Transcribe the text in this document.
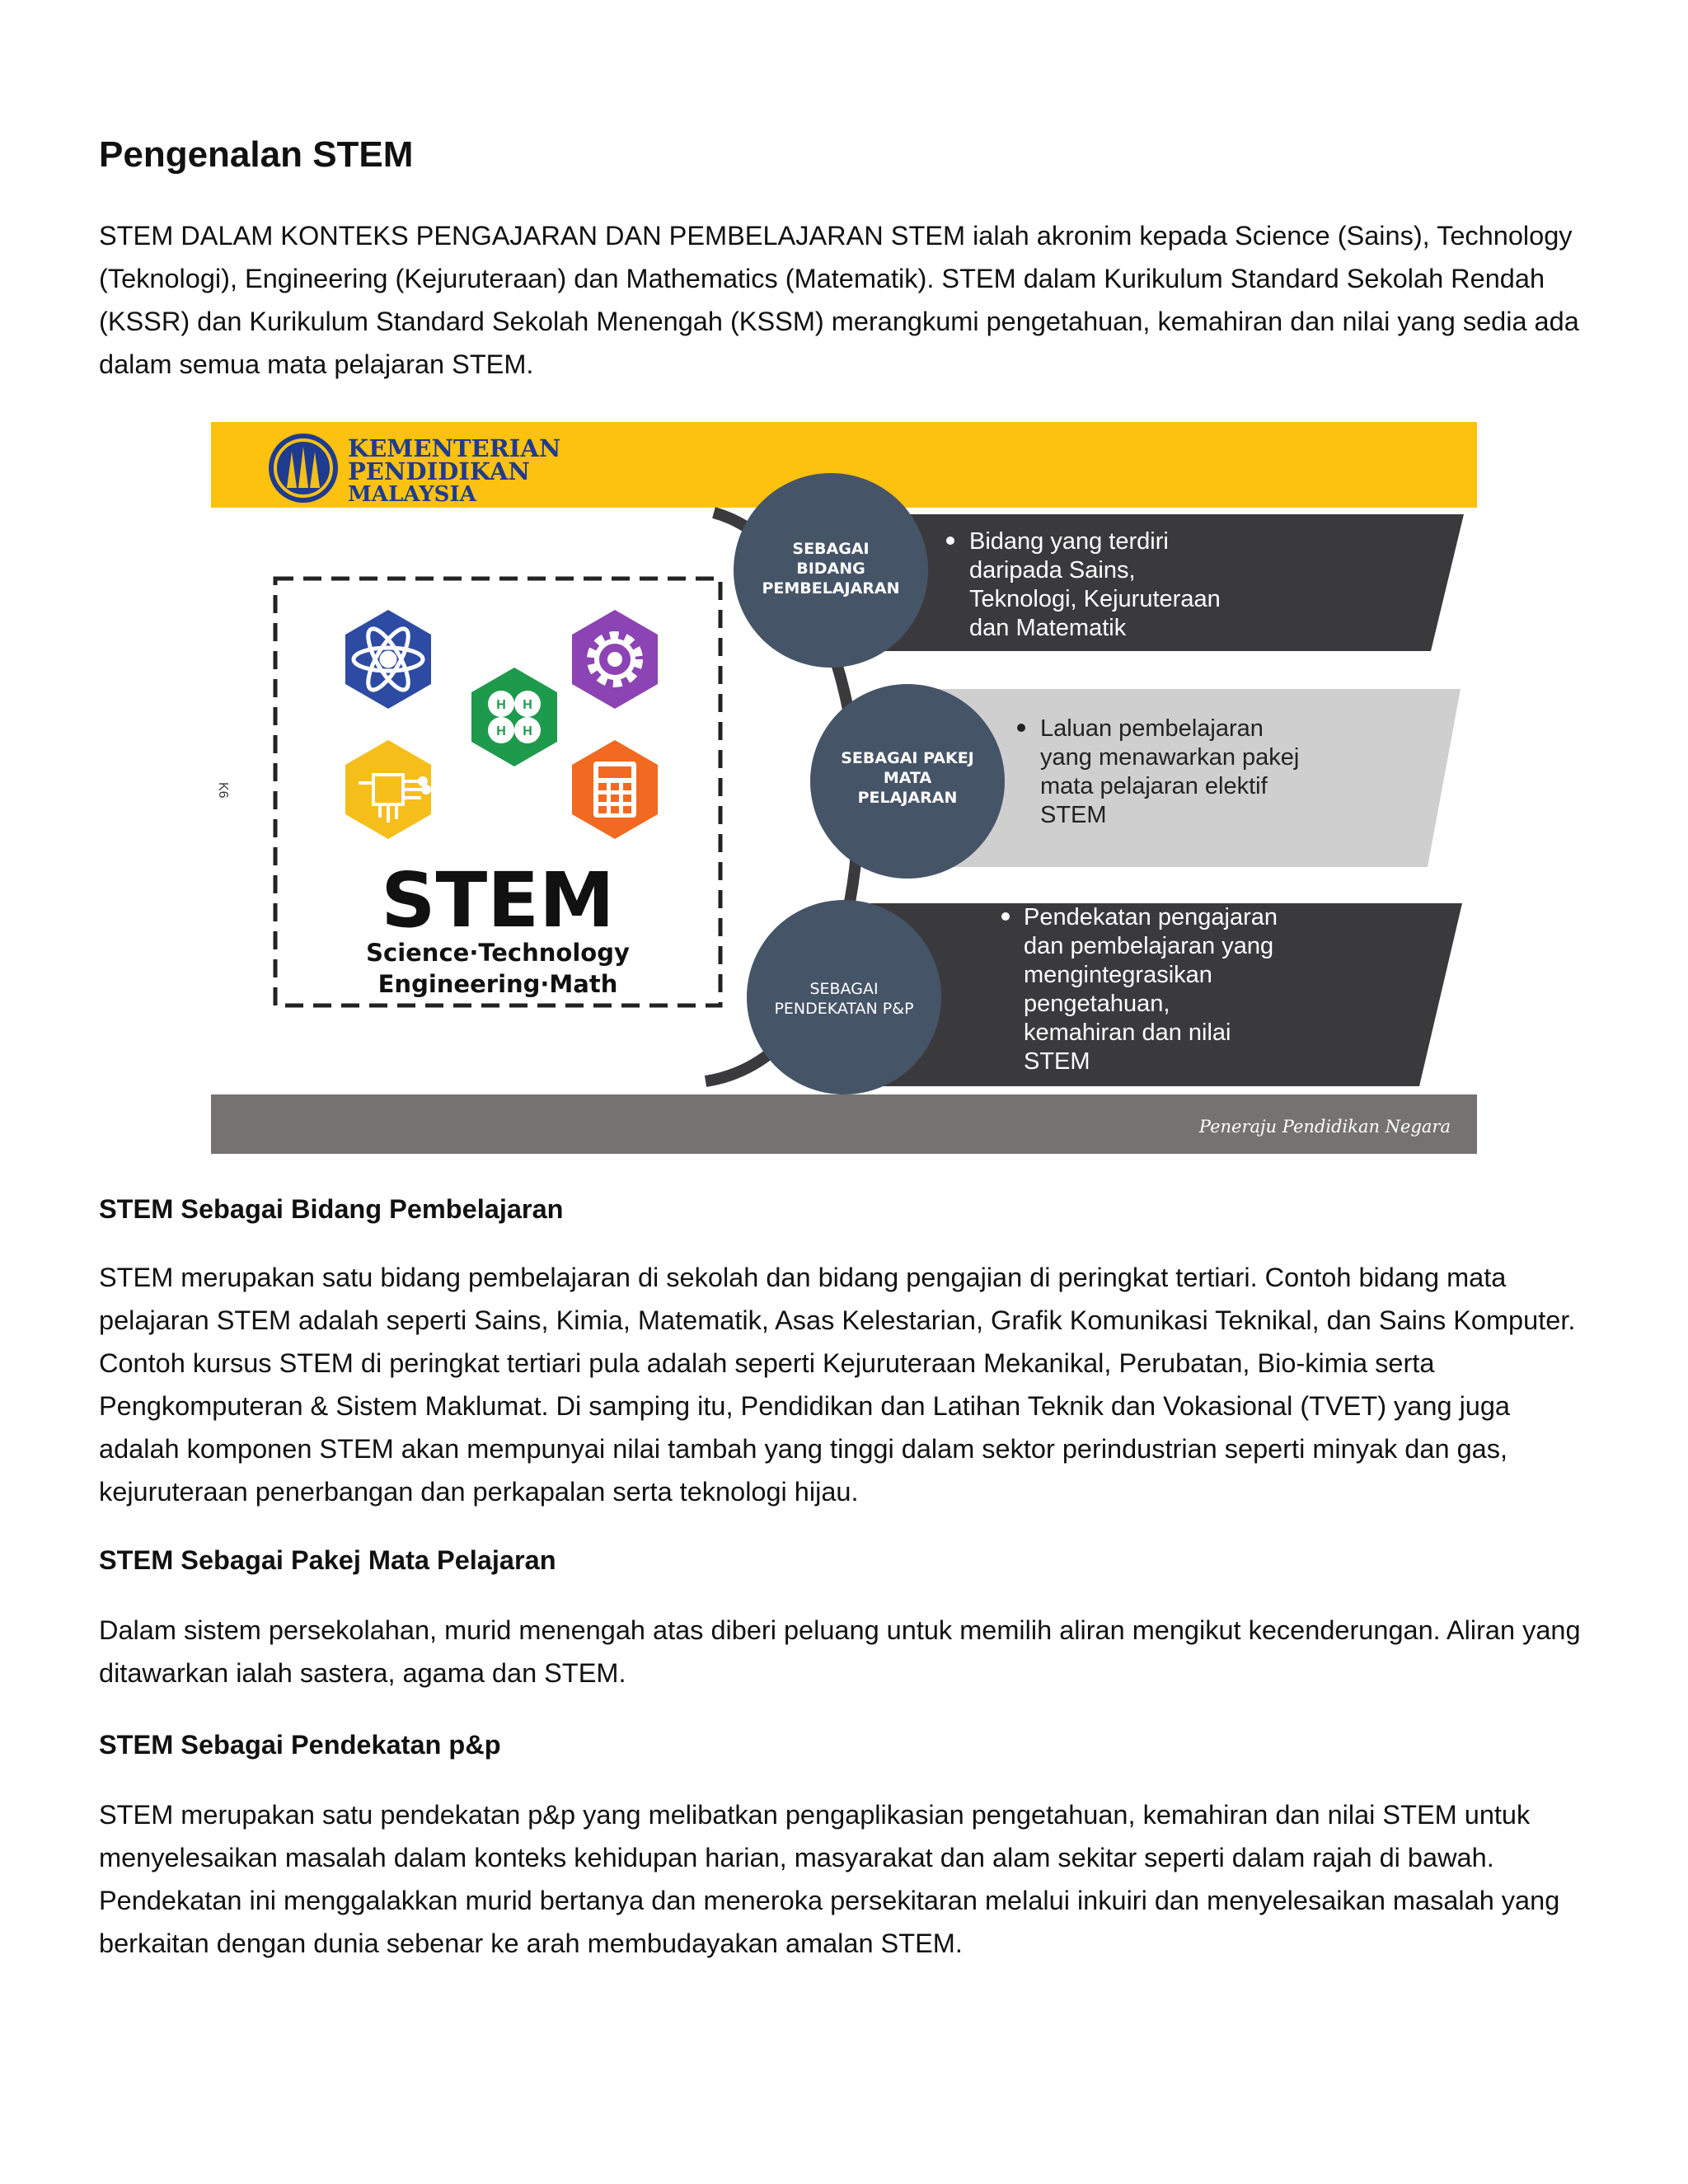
Pengenalan STEM

STEM DALAM KONTEKS PENGAJARAN DAN PEMBELAJARAN STEM ialah akronim kepada Science (Sains), Technology (Teknologi), Engineering (Kejuruteraan) dan Mathematics (Matematik). STEM dalam Kurikulum Standard Sekolah Rendah (KSSR) dan Kurikulum Standard Sekolah Menengah (KSSM) merangkumi pengetahuan, kemahiran dan nilai yang sedia ada dalam semua mata pelajaran STEM.

STEM Sebagai Bidang Pembelajaran

STEM merupakan satu bidang pembelajaran di sekolah dan bidang pengajian di peringkat tertiari. Contoh bidang mata pelajaran STEM adalah seperti Sains, Kimia, Matematik, Asas Kelestarian, Grafik Komunikasi Teknikal, dan Sains Komputer. Contoh kursus STEM di peringkat tertiari pula adalah seperti Kejuruteraan Mekanikal, Perubatan, Bio-kimia serta Pengkomputeran & Sistem Maklumat. Di samping itu, Pendidikan dan Latihan Teknik dan Vokasional (TVET) yang juga adalah komponen STEM akan mempunyai nilai tambah yang tinggi dalam sektor perindustrian seperti minyak dan gas, kejuruteraan penerbangan dan perkapalan serta teknologi hijau.

STEM Sebagai Pakej Mata Pelajaran

Dalam sistem persekolahan, murid menengah atas diberi peluang untuk memilih aliran mengikut kecenderungan. Aliran yang ditawarkan ialah sastera, agama dan STEM.

STEM Sebagai Pendekatan p&p

STEM merupakan satu pendekatan p&p yang melibatkan pengaplikasian pengetahuan, kemahiran dan nilai STEM untuk menyelesaikan masalah dalam konteks kehidupan harian, masyarakat dan alam sekitar seperti dalam rajah di bawah. Pendekatan ini menggalakkan murid bertanya dan meneroka persekitaran melalui inkuiri dan menyelesaikan masalah yang berkaitan dengan dunia sebenar ke arah membudayakan amalan STEM.

KEMENTERIAN
PENDIDIKAN
MALAYSIA
K6
H H
H H
STEM
Science·Technology
Engineering·Math
SEBAGAI
BIDANG
PEMBELAJARAN
SEBAGAI PAKEJ
MATA
PELAJARAN
SEBAGAI
PENDEKATAN P&P
Bidang yang terdiri
daripada Sains,
Teknologi, Kejuruteraan
dan Matematik
Laluan pembelajaran
yang menawarkan pakej
mata pelajaran elektif
STEM
Pendekatan pengajaran
dan pembelajaran yang
mengintegrasikan
pengetahuan,
kemahiran dan nilai
STEM
Peneraju Pendidikan Negara
